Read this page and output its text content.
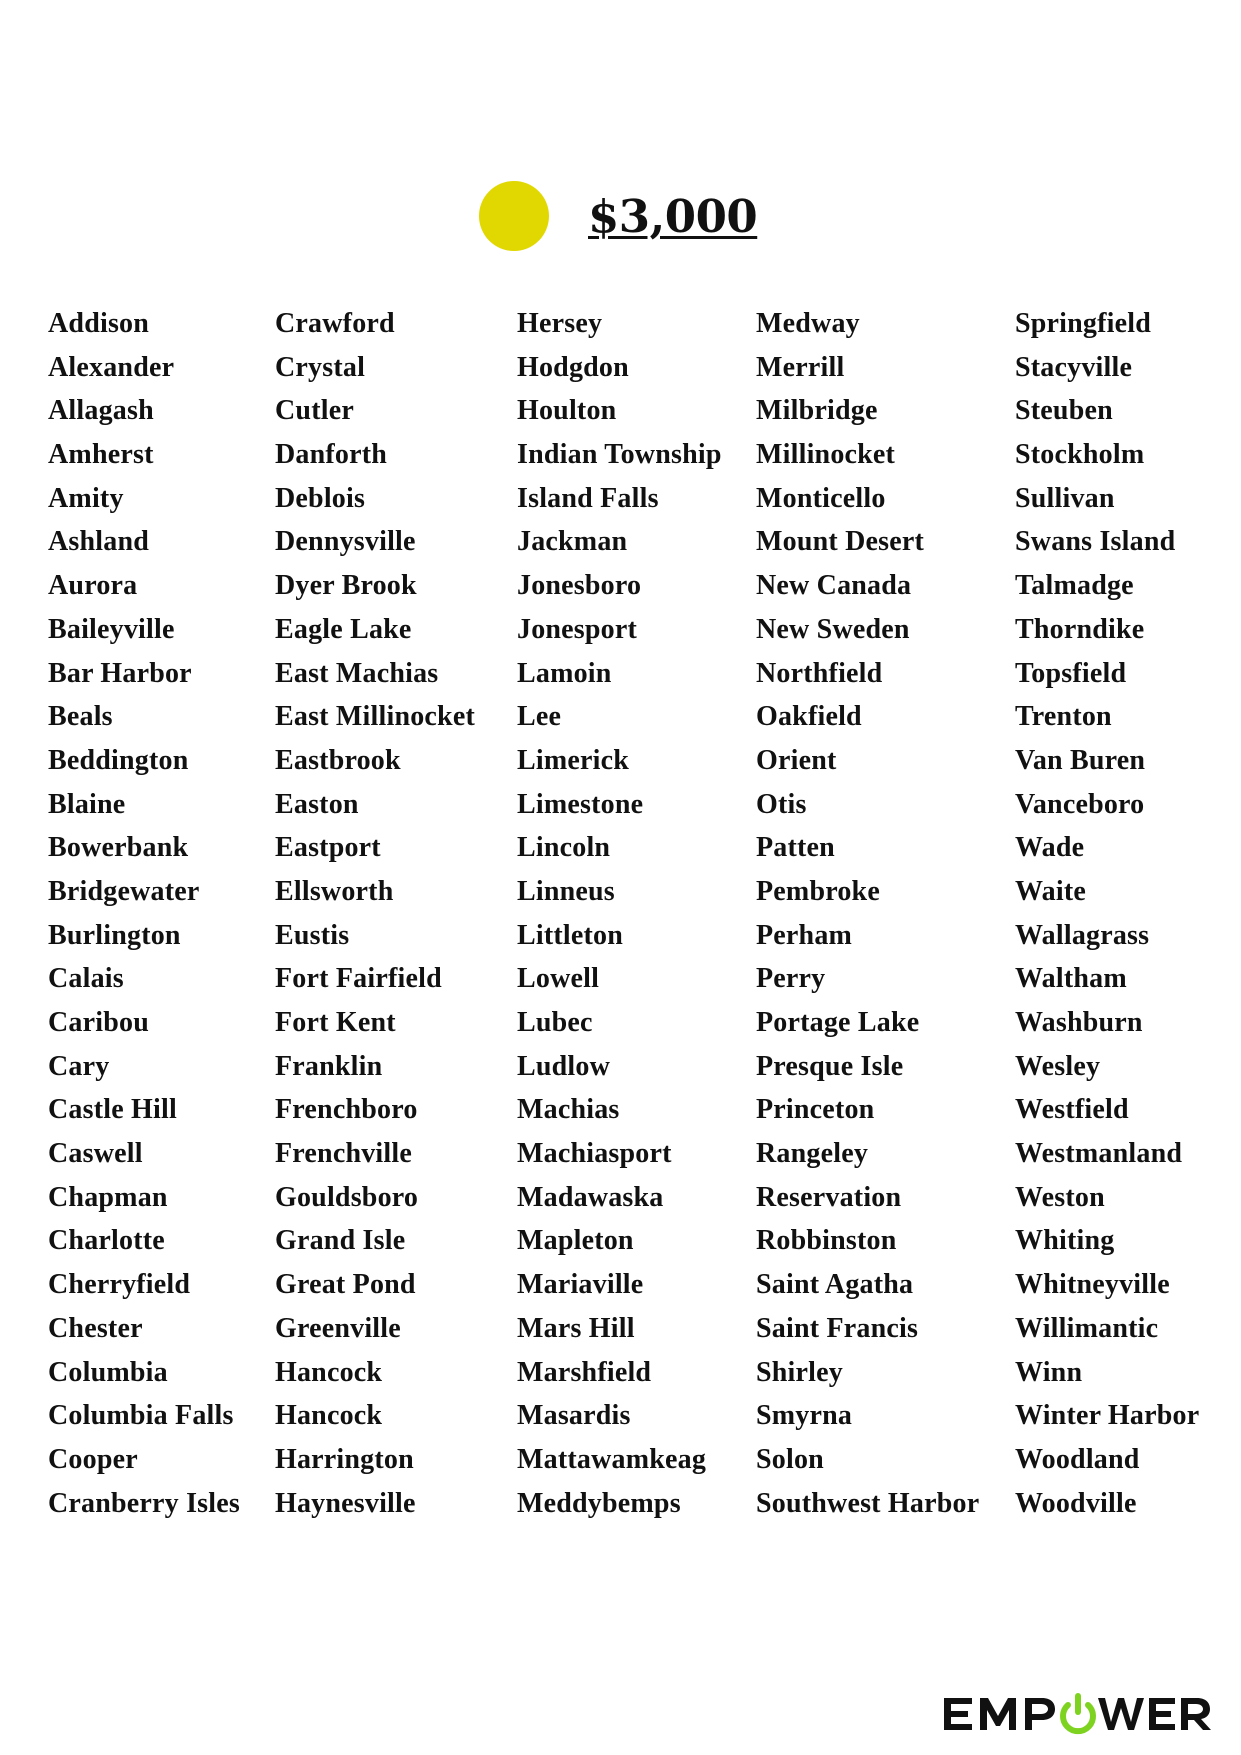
$3,000
Addison
Alexander
Allagash
Amherst
Amity
Ashland
Aurora
Baileyville
Bar Harbor
Beals
Beddington
Blaine
Bowerbank
Bridgewater
Burlington
Calais
Caribou
Cary
Castle Hill
Caswell
Chapman
Charlotte
Cherryfield
Chester
Columbia
Columbia Falls
Cooper
Cranberry Isles
Crawford
Crystal
Cutler
Danforth
Deblois
Dennysville
Dyer Brook
Eagle Lake
East Machias
East Millinocket
Eastbrook
Easton
Eastport
Ellsworth
Eustis
Fort Fairfield
Fort Kent
Franklin
Frenchboro
Frenchville
Gouldsboro
Grand Isle
Great Pond
Greenville
Hancock
Hancock
Harrington
Haynesville
Hersey
Hodgdon
Houlton
Indian Township
Island Falls
Jackman
Jonesboro
Jonesport
Lamoin
Lee
Limerick
Limestone
Lincoln
Linneus
Littleton
Lowell
Lubec
Ludlow
Machias
Machiasport
Madawaska
Mapleton
Mariaville
Mars Hill
Marshfield
Masardis
Mattawamkeag
Meddybemps
Medway
Merrill
Milbridge
Millinocket
Monticello
Mount Desert
New Canada
New Sweden
Northfield
Oakfield
Orient
Otis
Patten
Pembroke
Perham
Perry
Portage Lake
Presque Isle
Princeton
Rangeley
Reservation
Robbinston
Saint Agatha
Saint Francis
Shirley
Smyrna
Solon
Southwest Harbor
Springfield
Stacyville
Steuben
Stockholm
Sullivan
Swans Island
Talmadge
Thorndike
Topsfield
Trenton
Van Buren
Vanceboro
Wade
Waite
Wallagrass
Waltham
Washburn
Wesley
Westfield
Westmanland
Weston
Whiting
Whitneyville
Willimantic
Winn
Winter Harbor
Woodland
Woodville
EMPOWER
